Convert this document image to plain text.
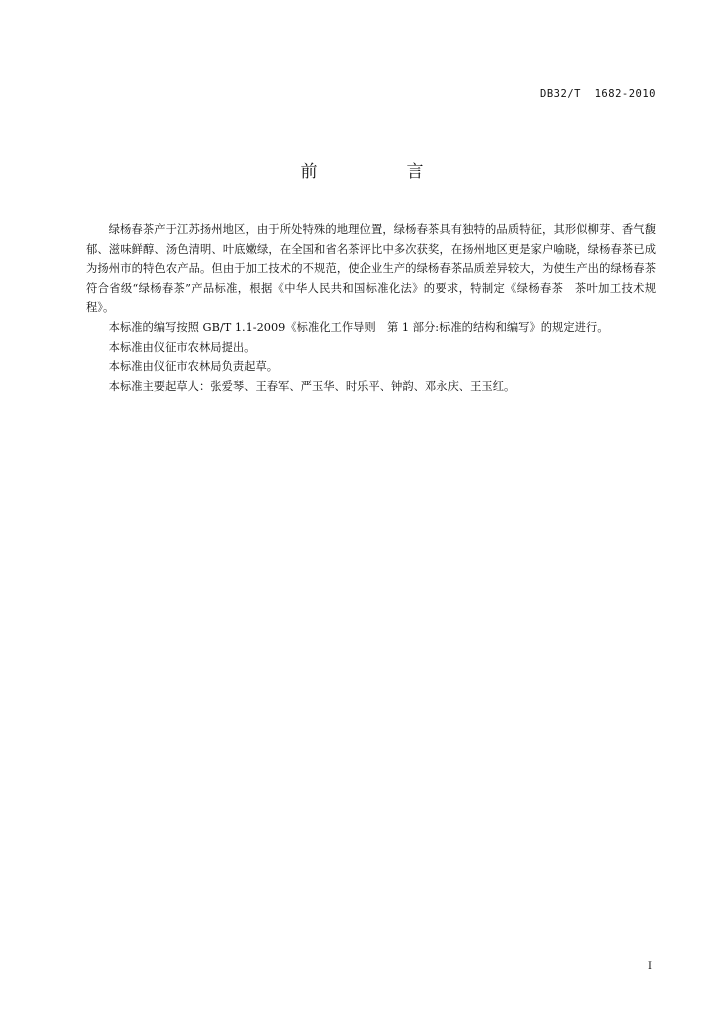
DB32/T  1682-2010
前　言

绿杨春茶产于江苏扬州地区，由于所处特殊的地理位置，绿杨春茶具有独特的品质特征，其形似柳芽、香气馥郁、滋味鲜醇、汤色清明、叶底嫩绿，在全国和省名茶评比中多次获奖，在扬州地区更是家户喻晓，绿杨春茶已成为扬州市的特色农产品。但由于加工技术的不规范，使企业生产的绿杨春茶品质差异较大，为使生产出的绿杨春茶符合省级“绿杨春茶”产品标准，根据《中华人民共和国标准化法》的要求，特制定《绿杨春茶　茶叶加工技术规程》。

本标准的编写按照 GB/T 1.1-2009《标准化工作导则　第 1 部分:标准的结构和编写》的规定进行。

本标准由仪征市农林局提出。

本标准由仪征市农林局负责起草。

本标准主要起草人：张爱琴、王春军、严玉华、时乐平、钟韵、邓永庆、王玉红。

I
